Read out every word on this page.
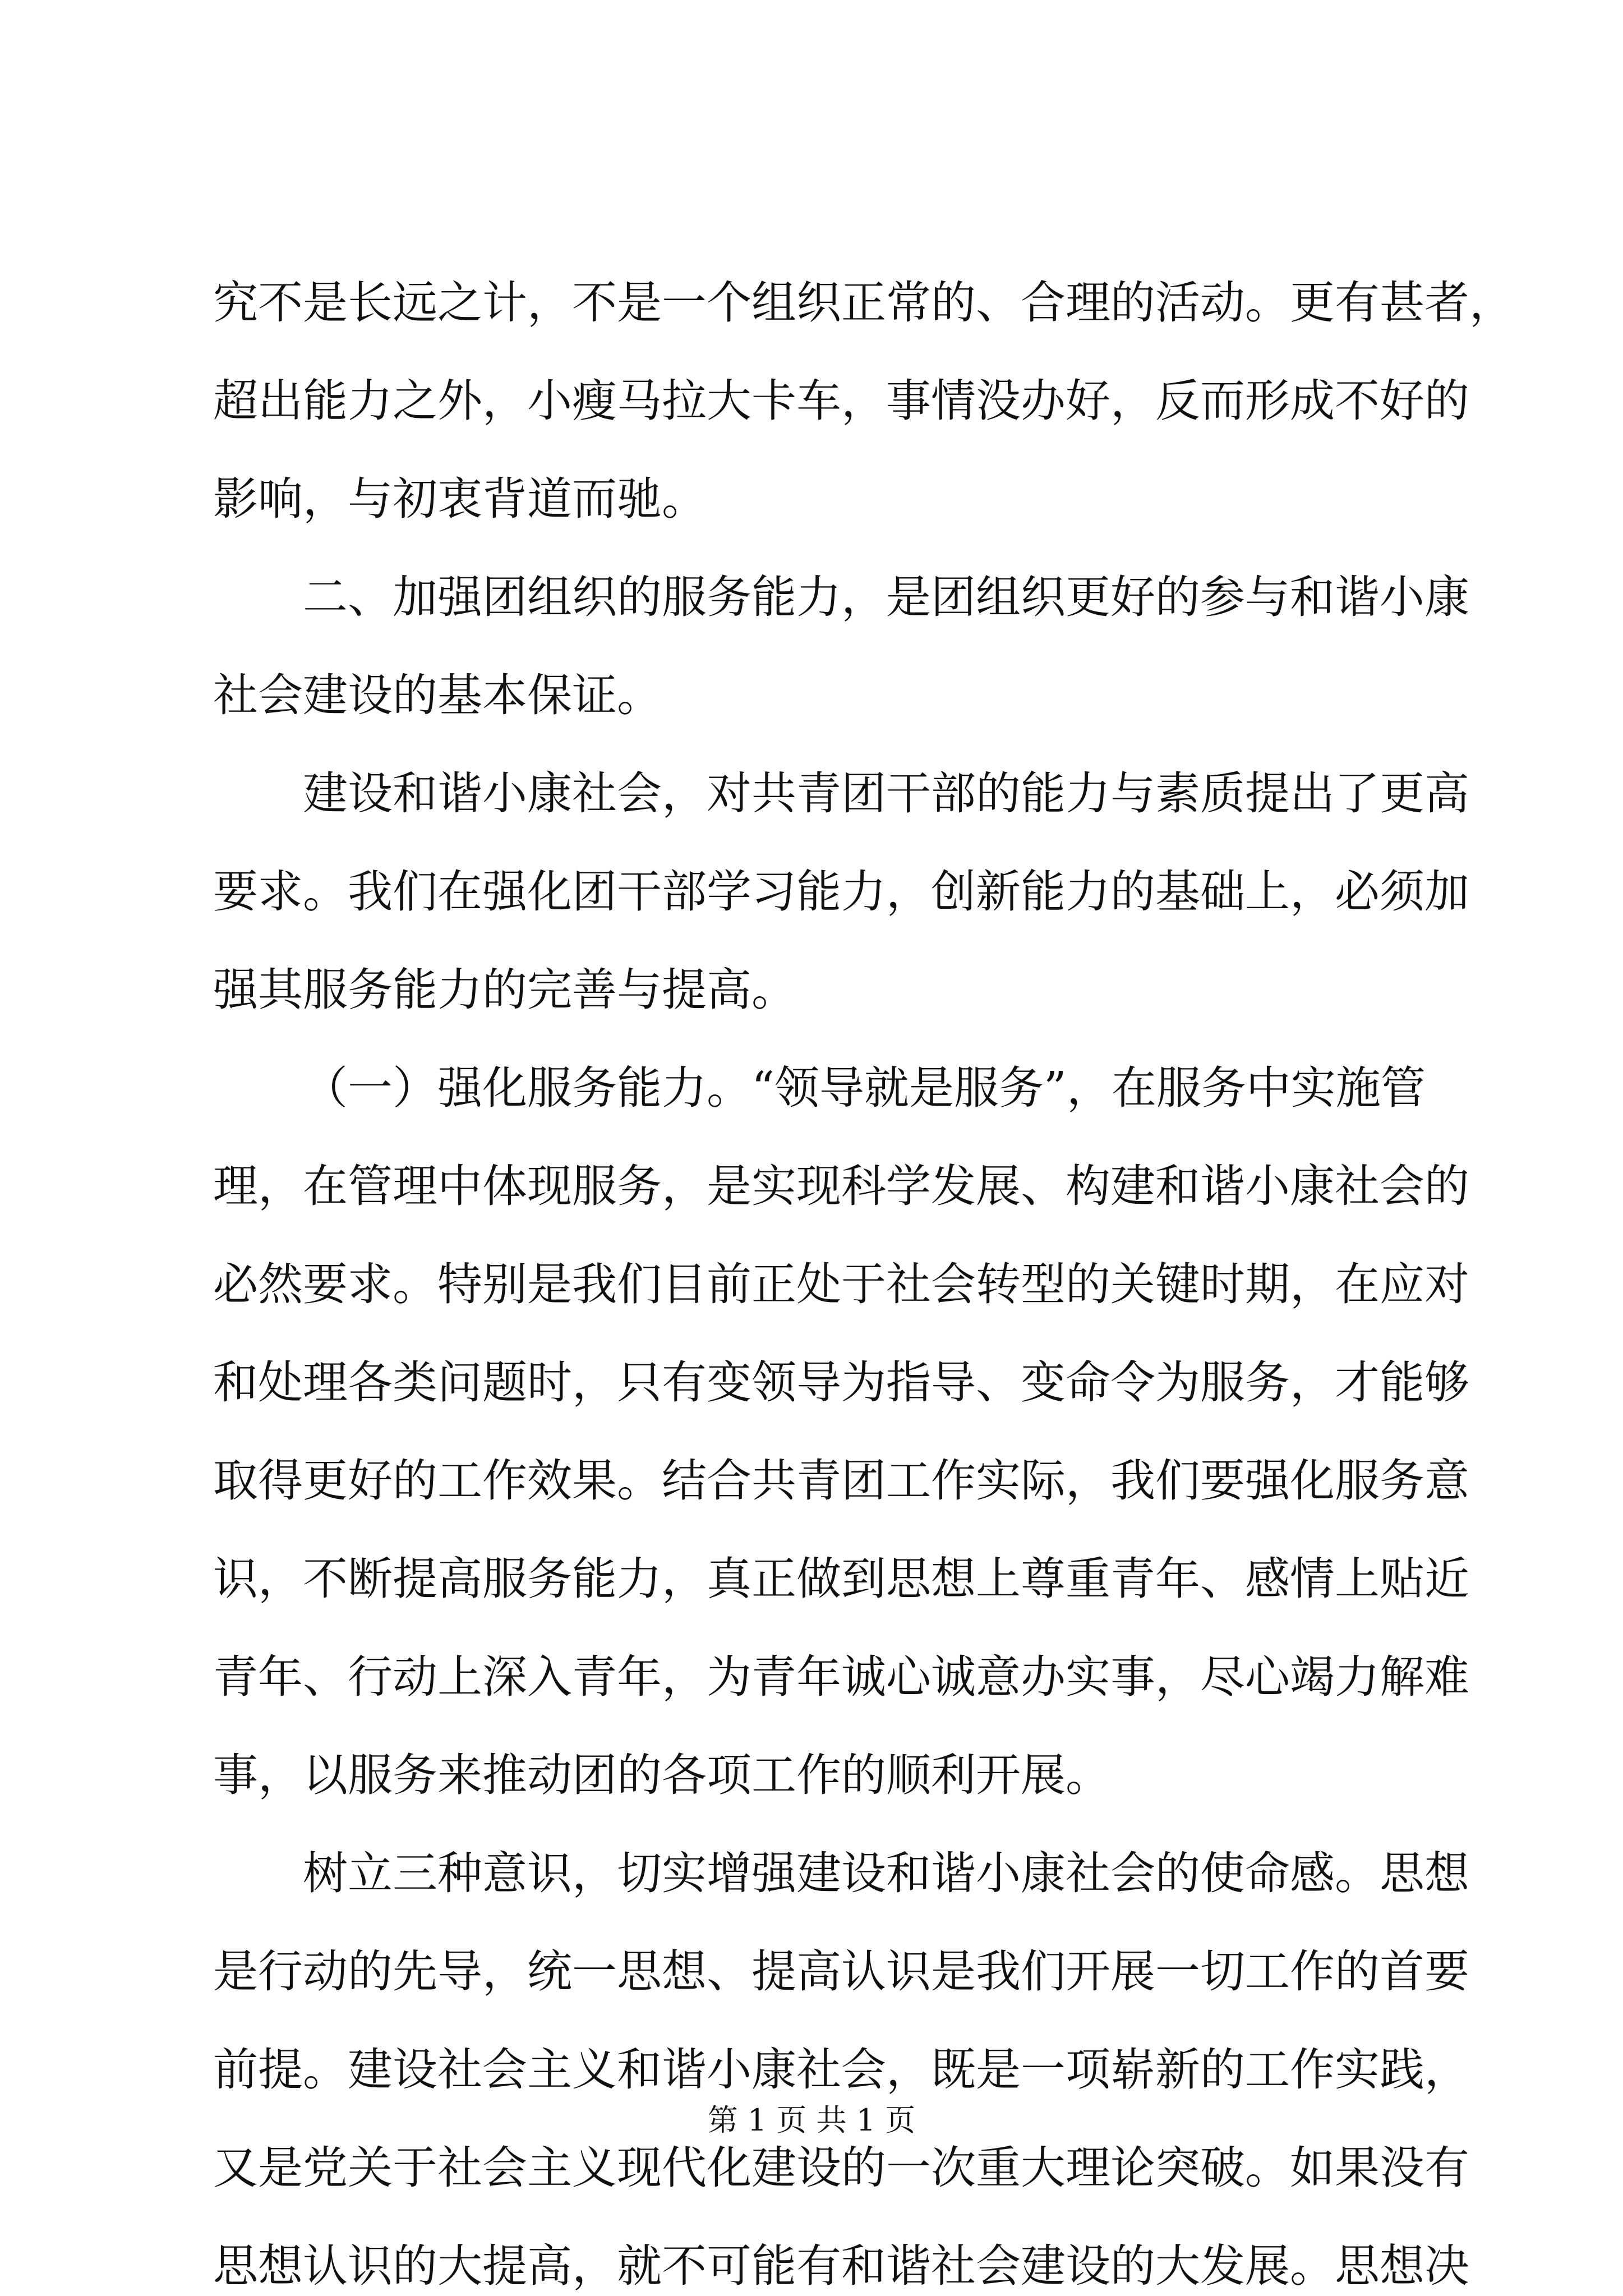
究 不 是 长 远 之 计 ， 不 是 一 个 组 织 正 常 的 、 合 理 的 活 动 。 更 有 甚 者 ，
超 出 能 力 之 外 ， 小 瘦 马 拉 大 卡 车 ， 事 情 没 办 好 ， 反 而 形 成 不 好 的
影 响 ， 与 初 衷 背 道 而 驰 。

二 、 加 强 团 组 织 的 服 务 能 力 ， 是 团 组 织 更 好 的 参 与 和 谐 小 康
社 会 建 设 的 基 本 保 证 。

建 设 和 谐 小 康 社 会 ， 对 共 青 团 干 部 的 能 力 与 素 质 提 出 了 更 高
要 求 。 我 们 在 强 化 团 干 部 学 习 能 力 ， 创 新 能 力 的 基 础 上 ， 必 须 加
强 其 服 务 能 力 的 完 善 与 提 高 。

（ 一 ） 强 化 服 务 能 力 。 “ 领 导 就 是 服 务 ” ， 在 服 务 中 实 施 管
理 ， 在 管 理 中 体 现 服 务 ， 是 实 现 科 学 发 展 、 构 建 和 谐 小 康 社 会 的
必 然 要 求 。 特 别 是 我 们 目 前 正 处 于 社 会 转 型 的 关 键 时 期 ， 在 应 对
和 处 理 各 类 问 题 时 ， 只 有 变 领 导 为 指 导 、 变 命 令 为 服 务 ， 才 能 够
取 得 更 好 的 工 作 效 果 。 结 合 共 青 团 工 作 实 际 ， 我 们 要 强 化 服 务 意
识 ， 不 断 提 高 服 务 能 力 ， 真 正 做 到 思 想 上 尊 重 青 年 、 感 情 上 贴 近
青 年 、 行 动 上 深 入 青 年 ， 为 青 年 诚 心 诚 意 办 实 事 ， 尽 心 竭 力 解 难
事 ， 以 服 务 来 推 动 团 的 各 项 工 作 的 顺 利 开 展 。

树 立 三 种 意 识 ， 切 实 增 强 建 设 和 谐 小 康 社 会 的 使 命 感 。 思 想
是 行 动 的 先 导 ， 统 一 思 想 、 提 高 认 识 是 我 们 开 展 一 切 工 作 的 首 要
前 提 。 建 设 社 会 主 义 和 谐 小 康 社 会 ， 既 是 一 项 崭 新 的 工 作 实 践 ，
又 是 党 关 于 社 会 主 义 现 代 化 建 设 的 一 次 重 大 理 论 突 破 。 如 果 没 有
思 想 认 识 的 大 提 高 ， 就 不 可 能 有 和 谐 社 会 建 设 的 大 发 展 。 思 想 决
第 1 页 共 1 页
